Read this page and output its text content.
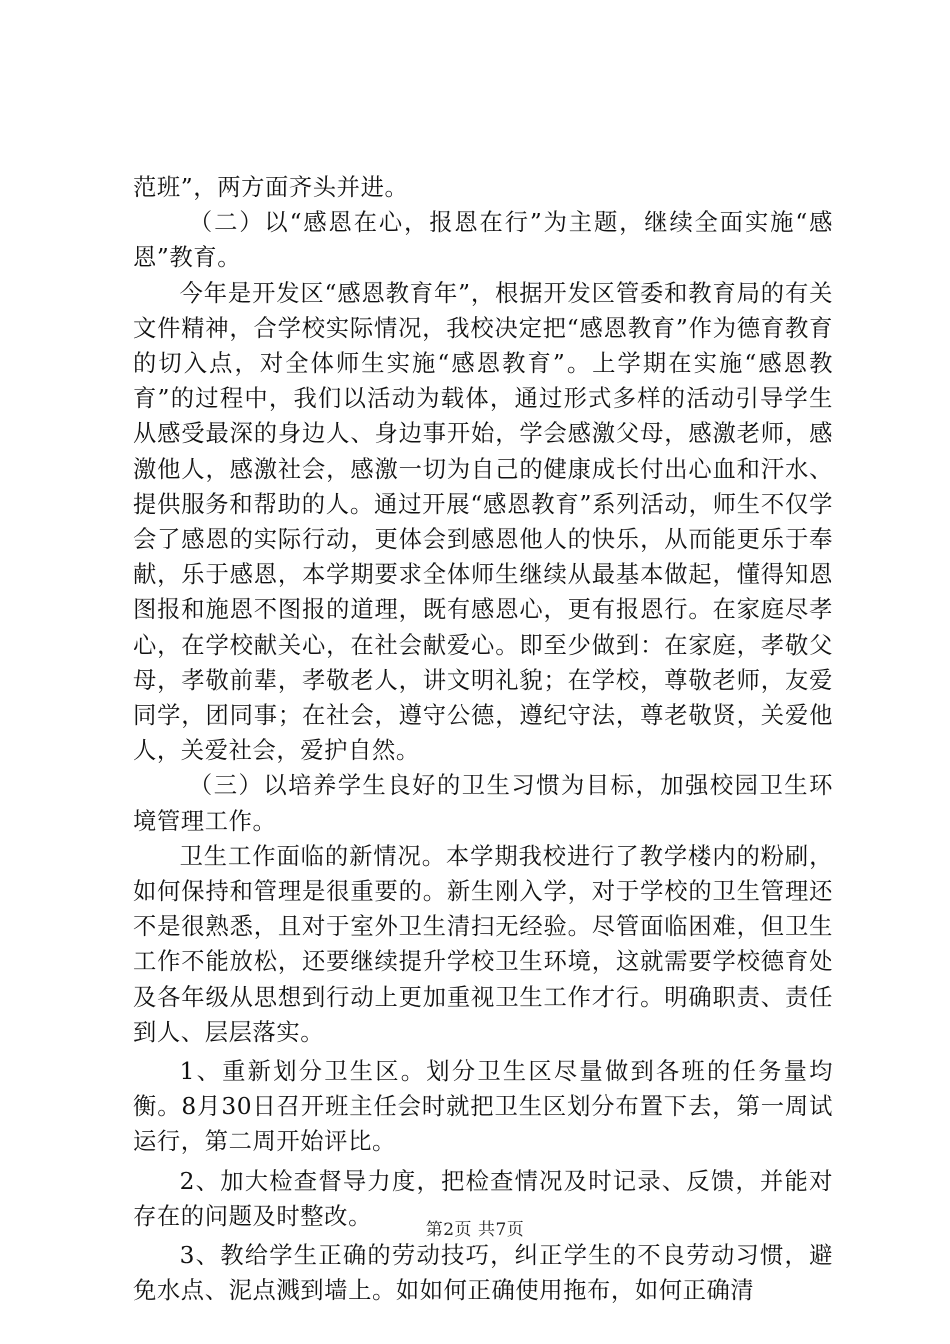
范班”，两方面齐头并进。

（二）以“感恩在心，报恩在行”为主题，继续全面实施“感恩”教育。

今年是开发区“感恩教育年”，根据开发区管委和教育局的有关文件精神，合学校实际情况，我校决定把“感恩教育”作为德育教育的切入点，对全体师生实施“感恩教育”。上学期在实施“感恩教育”的过程中，我们以活动为载体，通过形式多样的活动引导学生从感受最深的身边人、身边事开始，学会感激父母，感激老师，感激他人，感激社会，感激一切为自己的健康成长付出心血和汗水、提供服务和帮助的人。通过开展“感恩教育”系列活动，师生不仅学会了感恩的实际行动，更体会到感恩他人的快乐，从而能更乐于奉献，乐于感恩，本学期要求全体师生继续从最基本做起，懂得知恩图报和施恩不图报的道理，既有感恩心，更有报恩行。在家庭尽孝心，在学校献关心，在社会献爱心。即至少做到：在家庭，孝敬父母，孝敬前辈，孝敬老人，讲文明礼貌；在学校，尊敬老师，友爱同学，团同事；在社会，遵守公德，遵纪守法，尊老敬贤，关爱他人，关爱社会，爱护自然。

（三）以培养学生良好的卫生习惯为目标，加强校园卫生环境管理工作。

卫生工作面临的新情况。本学期我校进行了教学楼内的粉刷，如何保持和管理是很重要的。新生刚入学，对于学校的卫生管理还不是很熟悉，且对于室外卫生清扫无经验。尽管面临困难，但卫生工作不能放松，还要继续提升学校卫生环境，这就需要学校德育处及各年级从思想到行动上更加重视卫生工作才行。明确职责、责任到人、层层落实。

1、重新划分卫生区。划分卫生区尽量做到各班的任务量均衡。8月30日召开班主任会时就把卫生区划分布置下去，第一周试运行，第二周开始评比。

2、加大检查督导力度，把检查情况及时记录、反馈，并能对存在的问题及时整改。

3、教给学生正确的劳动技巧，纠正学生的不良劳动习惯，避免水点、泥点溅到墙上。如如何正确使用拖布，如何正确清

第2页 共7页
